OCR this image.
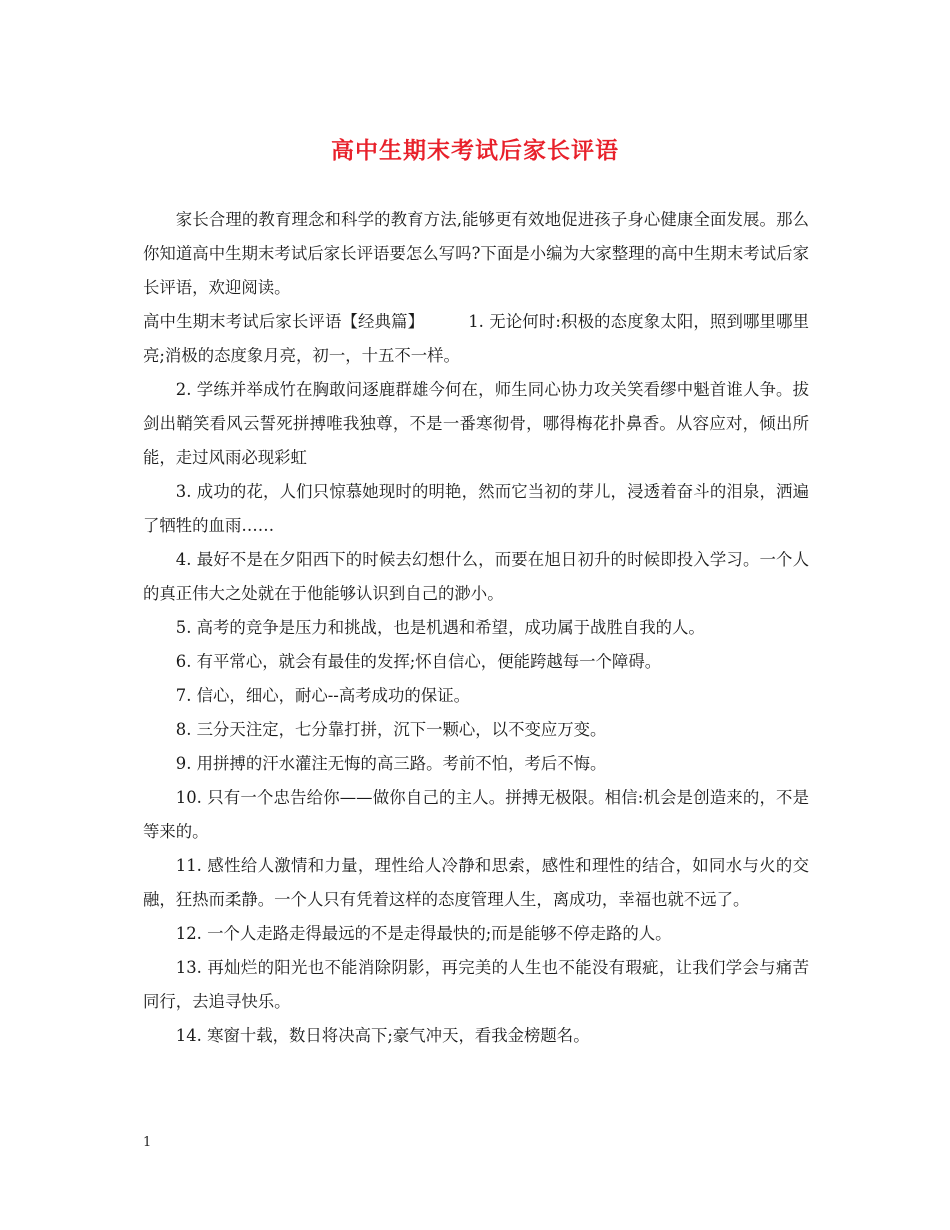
高中生期末考试后家长评语

家长合理的教育理念和科学的教育方法,能够更有效地促进孩子身心健康全面发展。那么你知道高中生期末考试后家长评语要怎么写吗?下面是小编为大家整理的高中生期末考试后家长评语，欢迎阅读。

高中生期末考试后家长评语【经典篇】	1. 无论何时:积极的态度象太阳，照到哪里哪里亮;消极的态度象月亮，初一，十五不一样。

2. 学练并举成竹在胸敢问逐鹿群雄今何在，师生同心协力攻关笑看缪中魁首谁人争。拔剑出鞘笑看风云誓死拼搏唯我独尊，不是一番寒彻骨，哪得梅花扑鼻香。从容应对，倾出所能，走过风雨必现彩虹

3. 成功的花，人们只惊慕她现时的明艳，然而它当初的芽儿，浸透着奋斗的泪泉，洒遍了牺牲的血雨……

4. 最好不是在夕阳西下的时候去幻想什么，而要在旭日初升的时候即投入学习。一个人的真正伟大之处就在于他能够认识到自己的渺小。

5. 高考的竞争是压力和挑战，也是机遇和希望，成功属于战胜自我的人。

6. 有平常心，就会有最佳的发挥;怀自信心，便能跨越每一个障碍。

7. 信心，细心，耐心--高考成功的保证。

8. 三分天注定，七分靠打拼，沉下一颗心，以不变应万变。

9. 用拼搏的汗水灌注无悔的高三路。考前不怕，考后不悔。

10. 只有一个忠告给你——做你自己的主人。拼搏无极限。相信:机会是创造来的，不是等来的。

11. 感性给人激情和力量，理性给人冷静和思索，感性和理性的结合，如同水与火的交融，狂热而柔静。一个人只有凭着这样的态度管理人生，离成功，幸福也就不远了。

12. 一个人走路走得最远的不是走得最快的;而是能够不停走路的人。

13. 再灿烂的阳光也不能消除阴影，再完美的人生也不能没有瑕疵，让我们学会与痛苦同行，去追寻快乐。

14. 寒窗十载，数日将决高下;豪气冲天，看我金榜题名。

1
